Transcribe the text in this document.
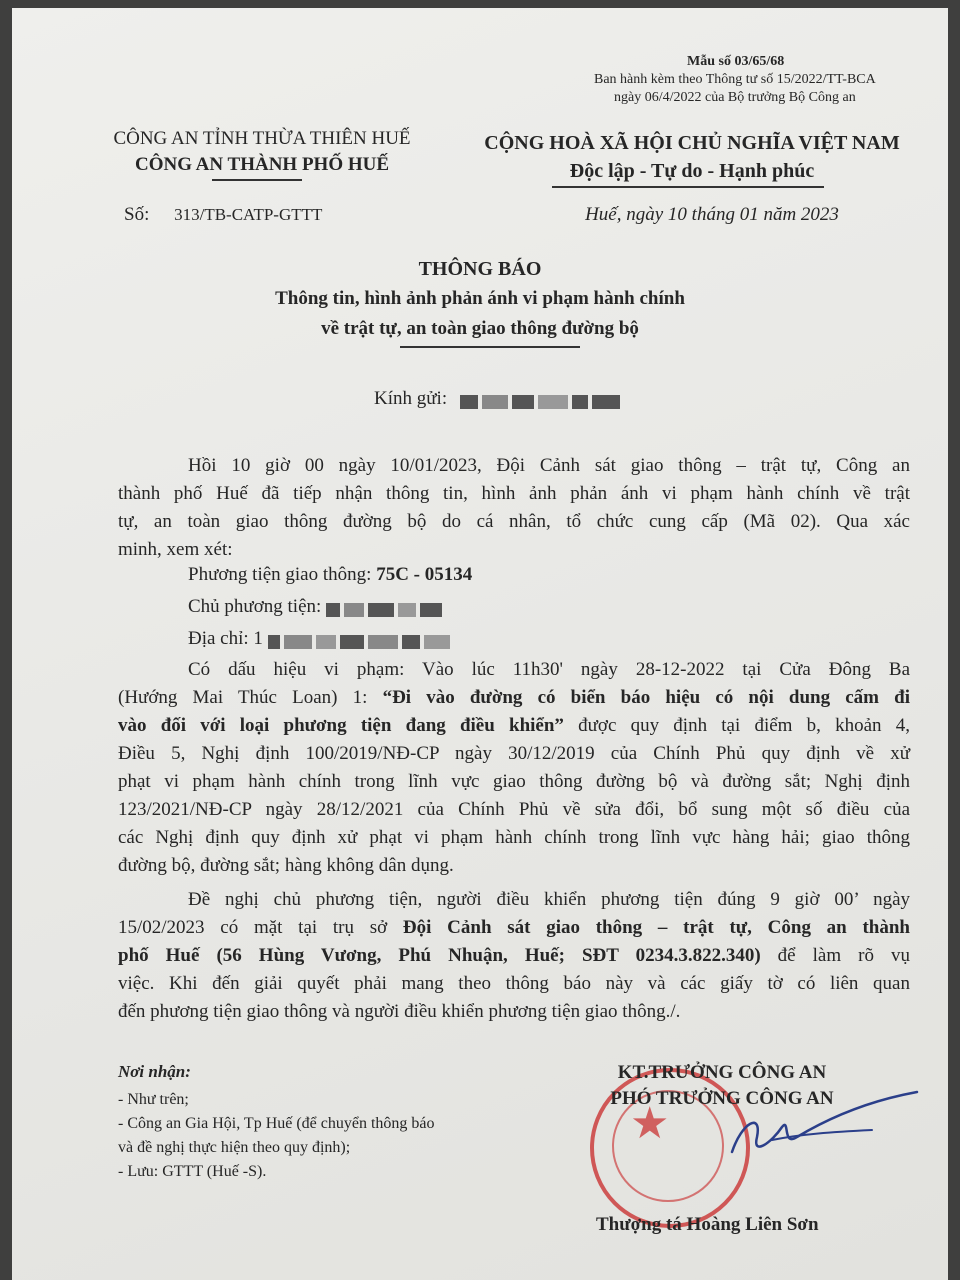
Mẫu số 03/65/68
Ban hành kèm theo Thông tư số 15/2022/TT-BCA
ngày 06/4/2022 của Bộ trưởng Bộ Công an
CÔNG AN TỈNH THỪA THIÊN HUẾ
CÔNG AN THÀNH PHỐ HUẾ
Số: 313/TB-CATP-GTTT
CỘNG HOÀ XÃ HỘI CHỦ NGHĨA VIỆT NAM
Độc lập - Tự do - Hạnh phúc
Huế, ngày 10 tháng 01 năm 2023
THÔNG BÁO
Thông tin, hình ảnh phản ánh vi phạm hành chính
về trật tự, an toàn giao thông đường bộ
Kính gửi:

Hồi 10 giờ 00 ngày 10/01/2023, Đội Cảnh sát giao thông – trật tự, Công an

thành phố Huế đã tiếp nhận thông tin, hình ảnh phản ánh vi phạm hành chính về trật

tự, an toàn giao thông đường bộ do cá nhân, tổ chức cung cấp (Mã 02). Qua xác

minh, xem xét:

Phương tiện giao thông: 75C - 05134
Chủ phương tiện:
Địa chỉ: 1

Có dấu hiệu vi phạm: Vào lúc 11h30' ngày 28-12-2022 tại Cửa Đông Ba

(Hướng Mai Thúc Loan) 1: “Đi vào đường có biển báo hiệu có nội dung cấm đi

vào đối với loại phương tiện đang điều khiển” được quy định tại điểm b, khoản 4,

Điều 5, Nghị định 100/2019/NĐ-CP ngày 30/12/2019 của Chính Phủ quy định về xử

phạt vi phạm hành chính trong lĩnh vực giao thông đường bộ và đường sắt; Nghị định

123/2021/NĐ-CP ngày 28/12/2021 của Chính Phủ về sửa đổi, bổ sung một số điều của

các Nghị định quy định xử phạt vi phạm hành chính trong lĩnh vực hàng hải; giao thông

đường bộ, đường sắt; hàng không dân dụng.

Đề nghị chủ phương tiện, người điều khiển phương tiện đúng 9 giờ 00’ ngày

15/02/2023 có mặt tại trụ sở Đội Cảnh sát giao thông – trật tự, Công an thành

phố Huế (56 Hùng Vương, Phú Nhuận, Huế; SĐT 0234.3.822.340) để làm rõ vụ

việc. Khi đến giải quyết phải mang theo thông báo này và các giấy tờ có liên quan

đến phương tiện giao thông và người điều khiển phương tiện giao thông./.

Nơi nhận:
- Như trên;
- Công an Gia Hội, Tp Huế (để chuyển thông báo
và đề nghị thực hiện theo quy định);
- Lưu: GTTT (Huế -S).
★
KT.TRƯỞNG CÔNG AN
PHÓ TRƯỞNG CÔNG AN
Thượng tá Hoàng Liên Sơn
